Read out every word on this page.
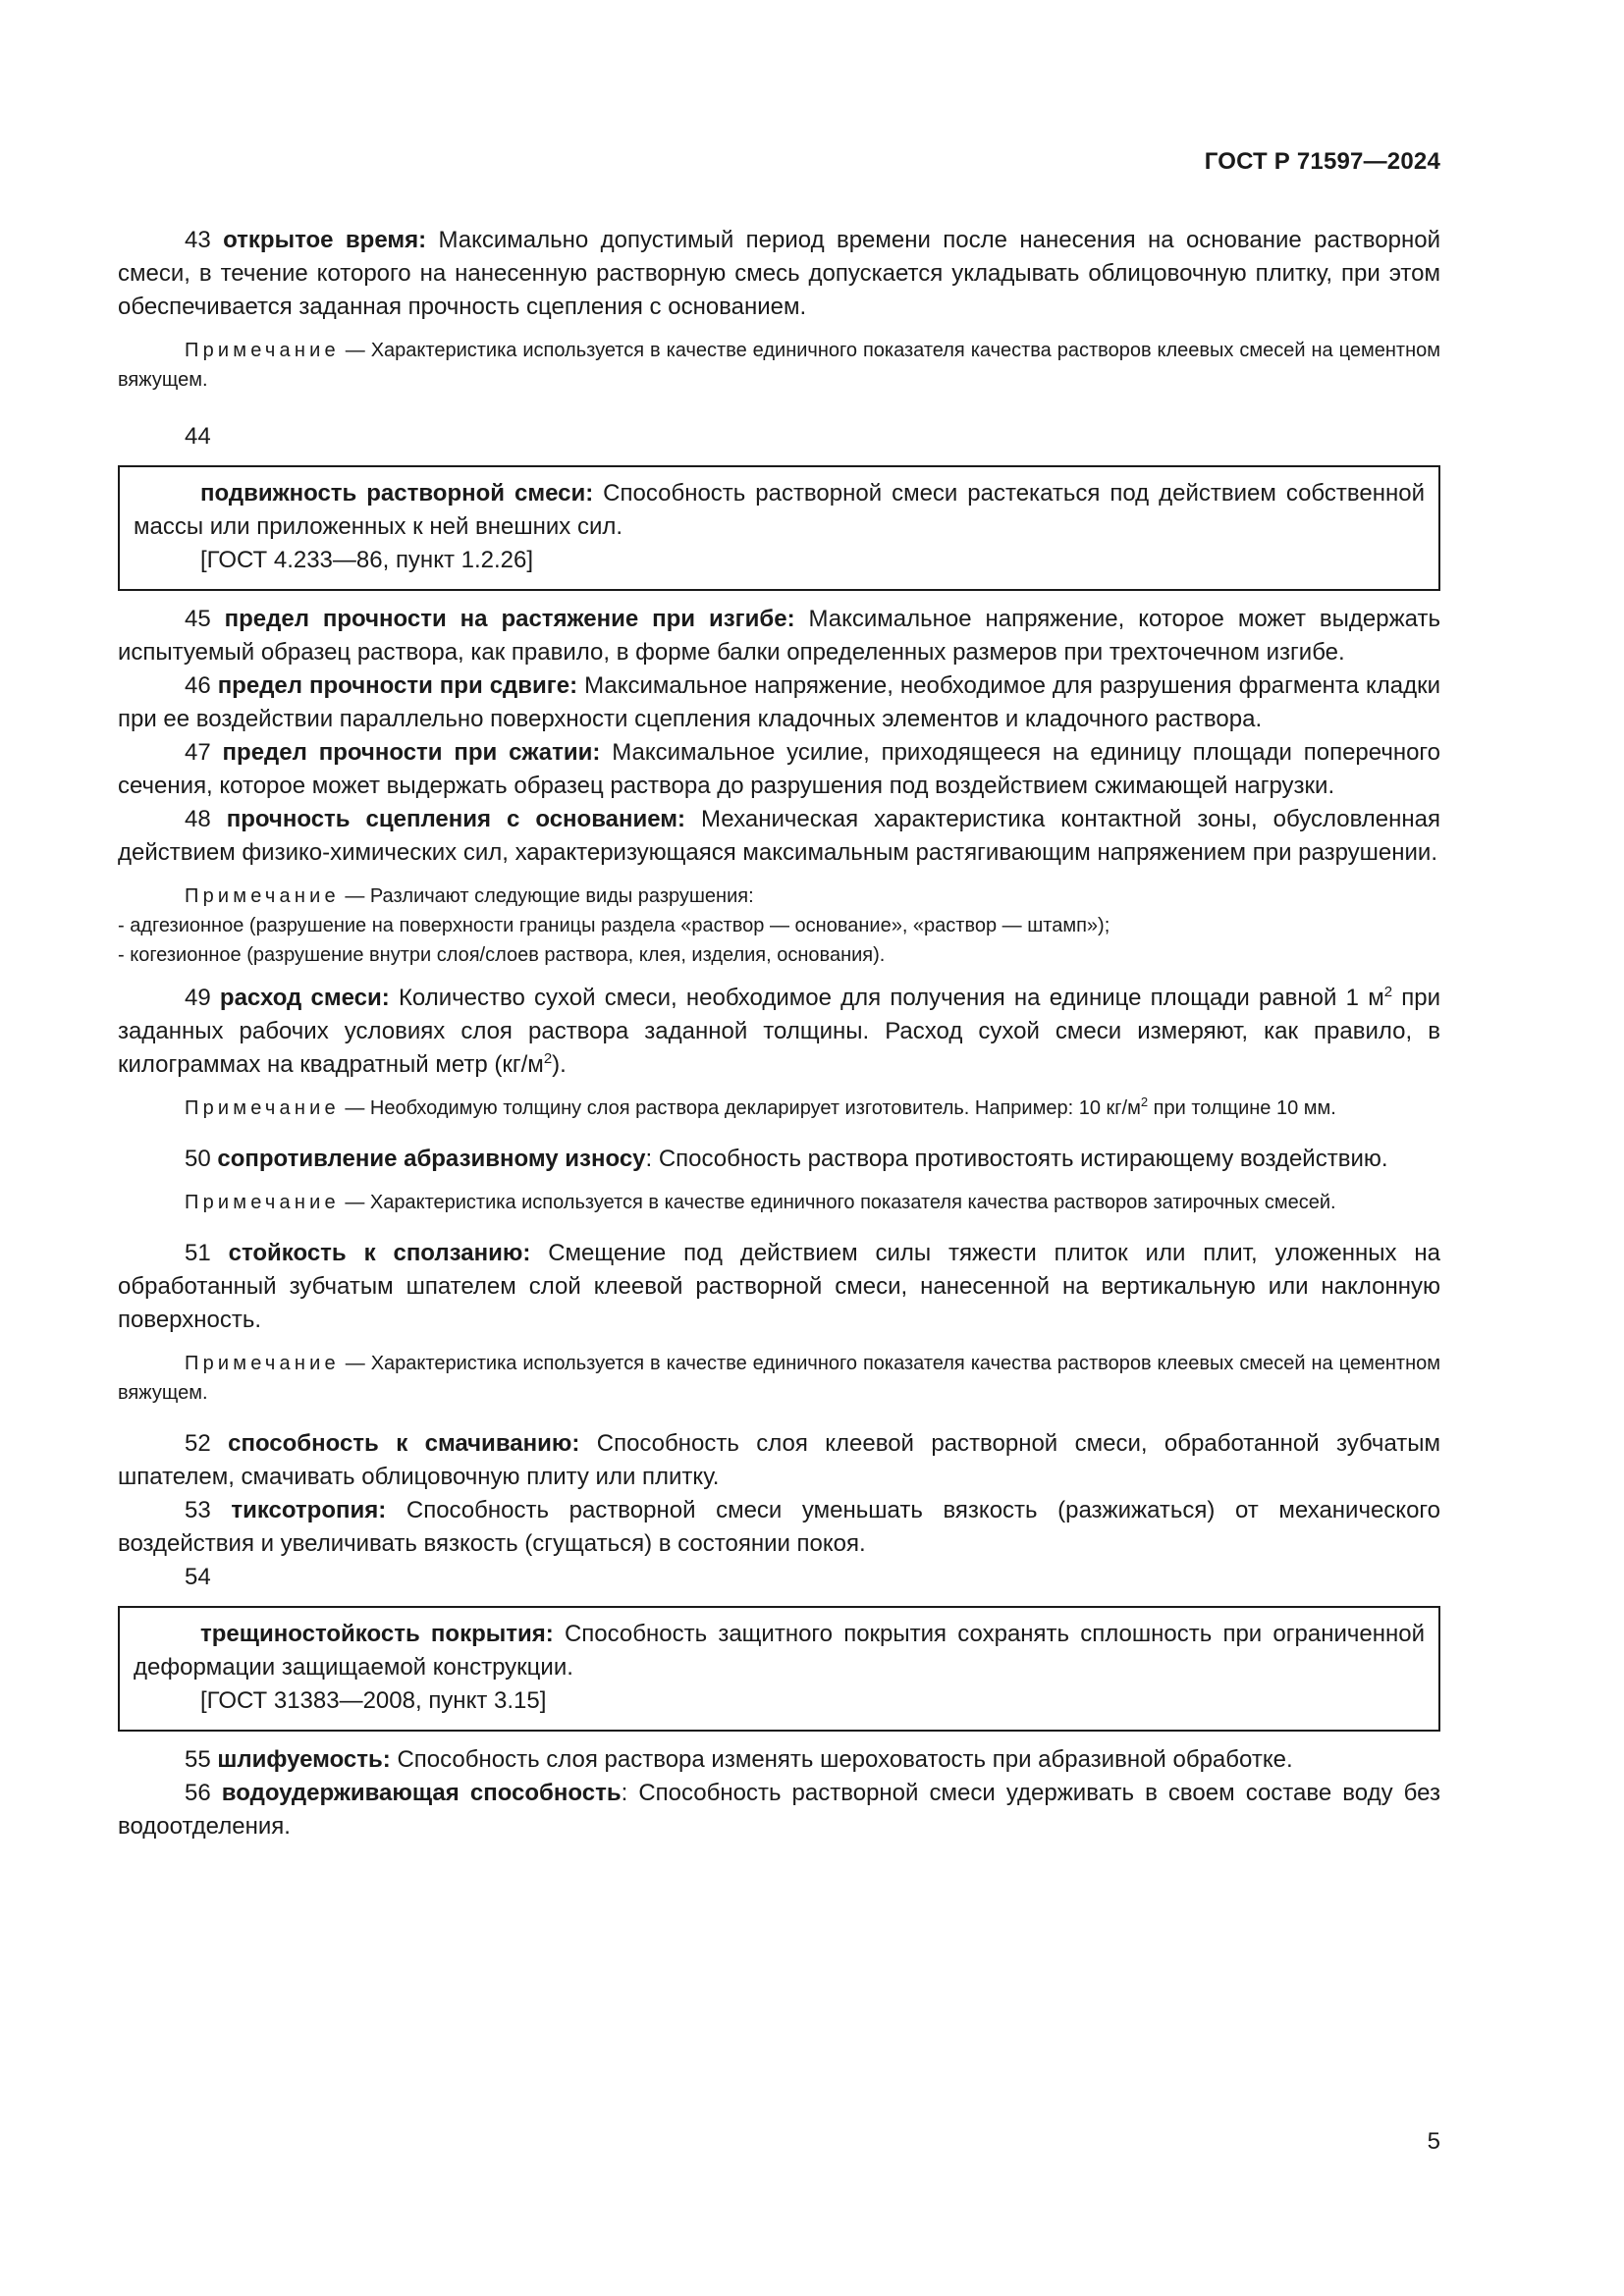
ГОСТ Р 71597—2024

43 открытое время: Максимально допустимый период времени после нанесения на основание растворной смеси, в течение которого на нанесенную растворную смесь допускается укладывать облицовочную плитку, при этом обеспечивается заданная прочность сцепления с основанием.

Примечание — Характеристика используется в качестве единичного показателя качества растворов клеевых смесей на цементном вяжущем.

44

подвижность растворной смеси: Способность растворной смеси растекаться под действием собственной массы или приложенных к ней внешних сил.

[ГОСТ 4.233—86, пункт 1.2.26]

45 предел прочности на растяжение при изгибе: Максимальное напряжение, которое может выдержать испытуемый образец раствора, как правило, в форме балки определенных размеров при трехточечном изгибе.

46 предел прочности при сдвиге: Максимальное напряжение, необходимое для разрушения фрагмента кладки при ее воздействии параллельно поверхности сцепления кладочных элементов и кладочного раствора.

47 предел прочности при сжатии: Максимальное усилие, приходящееся на единицу площади поперечного сечения, которое может выдержать образец раствора до разрушения под воздействием сжимающей нагрузки.

48 прочность сцепления с основанием: Механическая характеристика контактной зоны, обусловленная действием физико-химических сил, характеризующаяся максимальным растягивающим напряжением при разрушении.

Примечание — Различают следующие виды разрушения:

- адгезионное (разрушение на поверхности границы раздела «раствор — основание», «раствор — штамп»);

- когезионное (разрушение внутри слоя/слоев раствора, клея, изделия, основания).

49 расход смеси: Количество сухой смеси, необходимое для получения на единице площади равной 1 $м^2$ при заданных рабочих условиях слоя раствора заданной толщины. Расход сухой смеси измеряют, как правило, в килограммах на квадратный метр $(кг/м^2)$.

Примечание — Необходимую толщину слоя раствора декларирует изготовитель. Например: 10 $кг/м^2$ при толщине 10 мм.

50 сопротивление абразивному износу: Способность раствора противостоять истирающему воздействию.

Примечание — Характеристика используется в качестве единичного показателя качества растворов затирочных смесей.

51 стойкость к сползанию: Смещение под действием силы тяжести плиток или плит, уложенных на обработанный зубчатым шпателем слой клеевой растворной смеси, нанесенной на вертикальную или наклонную поверхность.

Примечание — Характеристика используется в качестве единичного показателя качества растворов клеевых смесей на цементном вяжущем.

52 способность к смачиванию: Способность слоя клеевой растворной смеси, обработанной зубчатым шпателем, смачивать облицовочную плиту или плитку.

53 тиксотропия: Способность растворной смеси уменьшать вязкость (разжижаться) от механического воздействия и увеличивать вязкость (сгущаться) в состоянии покоя.

54

трещиностойкость покрытия: Способность защитного покрытия сохранять сплошность при ограниченной деформации защищаемой конструкции.

[ГОСТ 31383—2008, пункт 3.15]

55 шлифуемость: Способность слоя раствора изменять шероховатость при абразивной обработке.

56 водоудерживающая способность: Способность растворной смеси удерживать в своем составе воду без водоотделения.

5
